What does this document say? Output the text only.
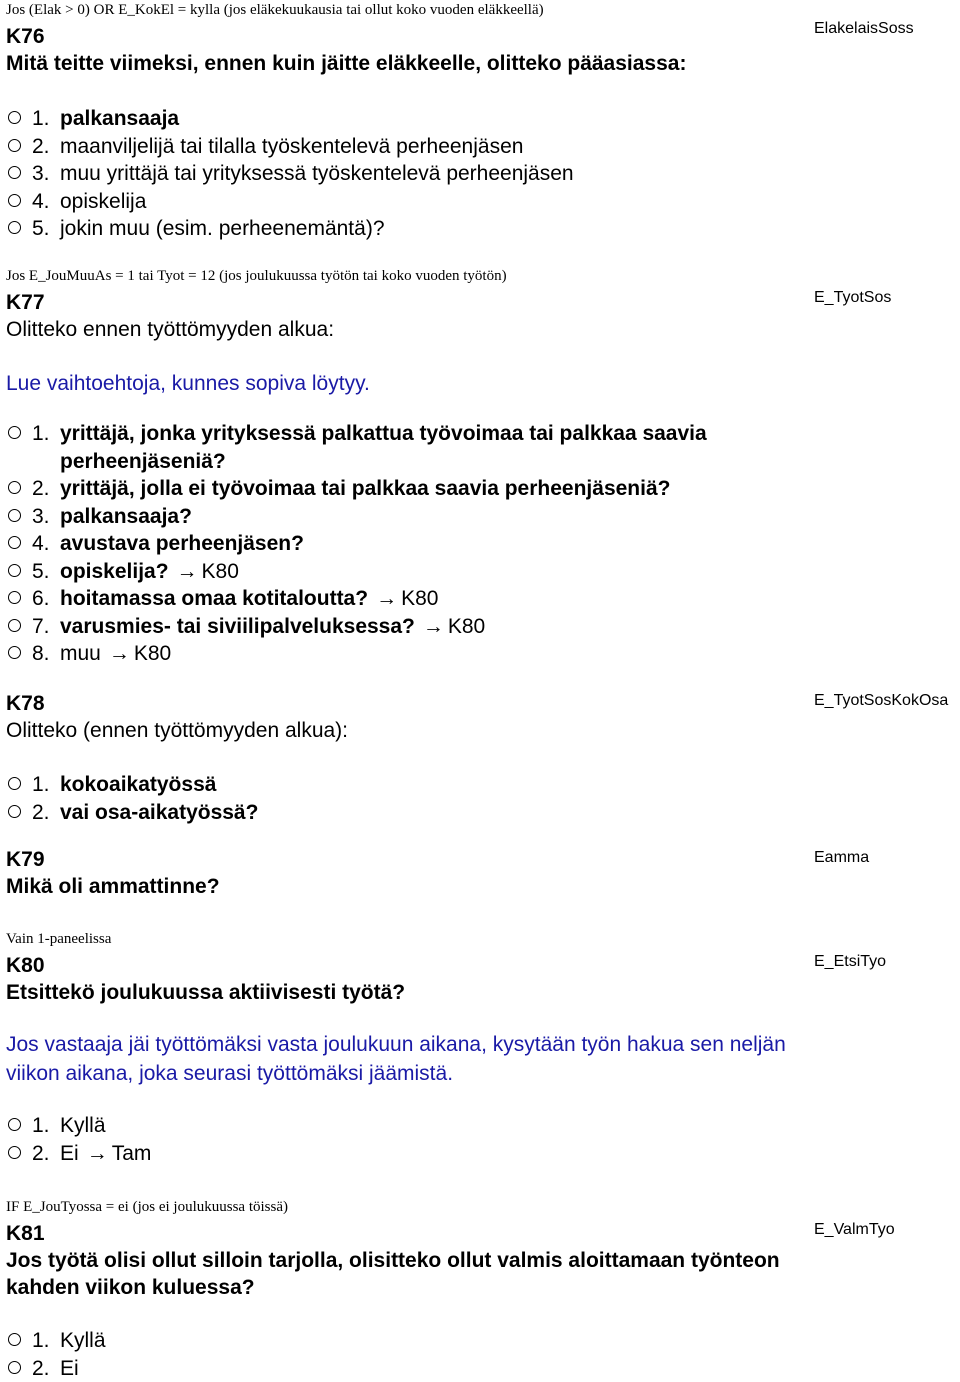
Jos (Elak > 0) OR E_KokEl = kylla (jos eläkekuukausia tai ollut koko vuoden eläkkeellä)
K76
Mitä teitte viimeksi, ennen kuin jäitte eläkkeelle, olitteko pääasiassa:
1. palkansaaja
2. maanviljelijä tai tilalla työskentelevä perheenjäsen
3. muu yrittäjä tai yrityksessä työskentelevä perheenjäsen
4. opiskelija
5. jokin muu (esim. perheenemäntä)?
ElakelaisSoss
Jos E_JouMuuAs = 1 tai Tyot = 12 (jos joulukuussa työtön tai koko vuoden työtön)
K77
Olitteko ennen työttömyyden alkua:
Lue vaihtoehtoja, kunnes sopiva löytyy.
1. yrittäjä, jonka yrityksessä palkattua työvoimaa tai palkkaa saavia perheenjäseniä?
2. yrittäjä, jolla ei työvoimaa tai palkkaa saavia perheenjäseniä?
3. palkansaaja?
4. avustava perheenjäsen?
5. opiskelija? → K80
6. hoitamassa omaa kotitaloutta? → K80
7. varusmies- tai siviilipalveluksessa? → K80
8. muu → K80
E_TyotSos
K78
Olitteko (ennen työttömyyden alkua):
1. kokoaikatyössä
2. vai osa-aikatyössä?
E_TyotSosKokOsa
K79
Mikä oli ammattinne?
Eamma
Vain 1-paneelissa
K80
Etsittekö joulukuussa aktiivisesti työtä?
Jos vastaaja jäi työttömäksi vasta joulukuun aikana, kysytään työn hakua sen neljän viikon aikana, joka seurasi työttömäksi jäämistä.
1. Kyllä
2. Ei → Tam
E_EtsiTyo
IF E_JouTyossa = ei (jos ei joulukuussa töissä)
K81
Jos työtä olisi ollut silloin tarjolla, olisitteko ollut valmis aloittamaan työnteon kahden viikon kuluessa?
1. Kyllä
2. Ei
E_ValmTyo
